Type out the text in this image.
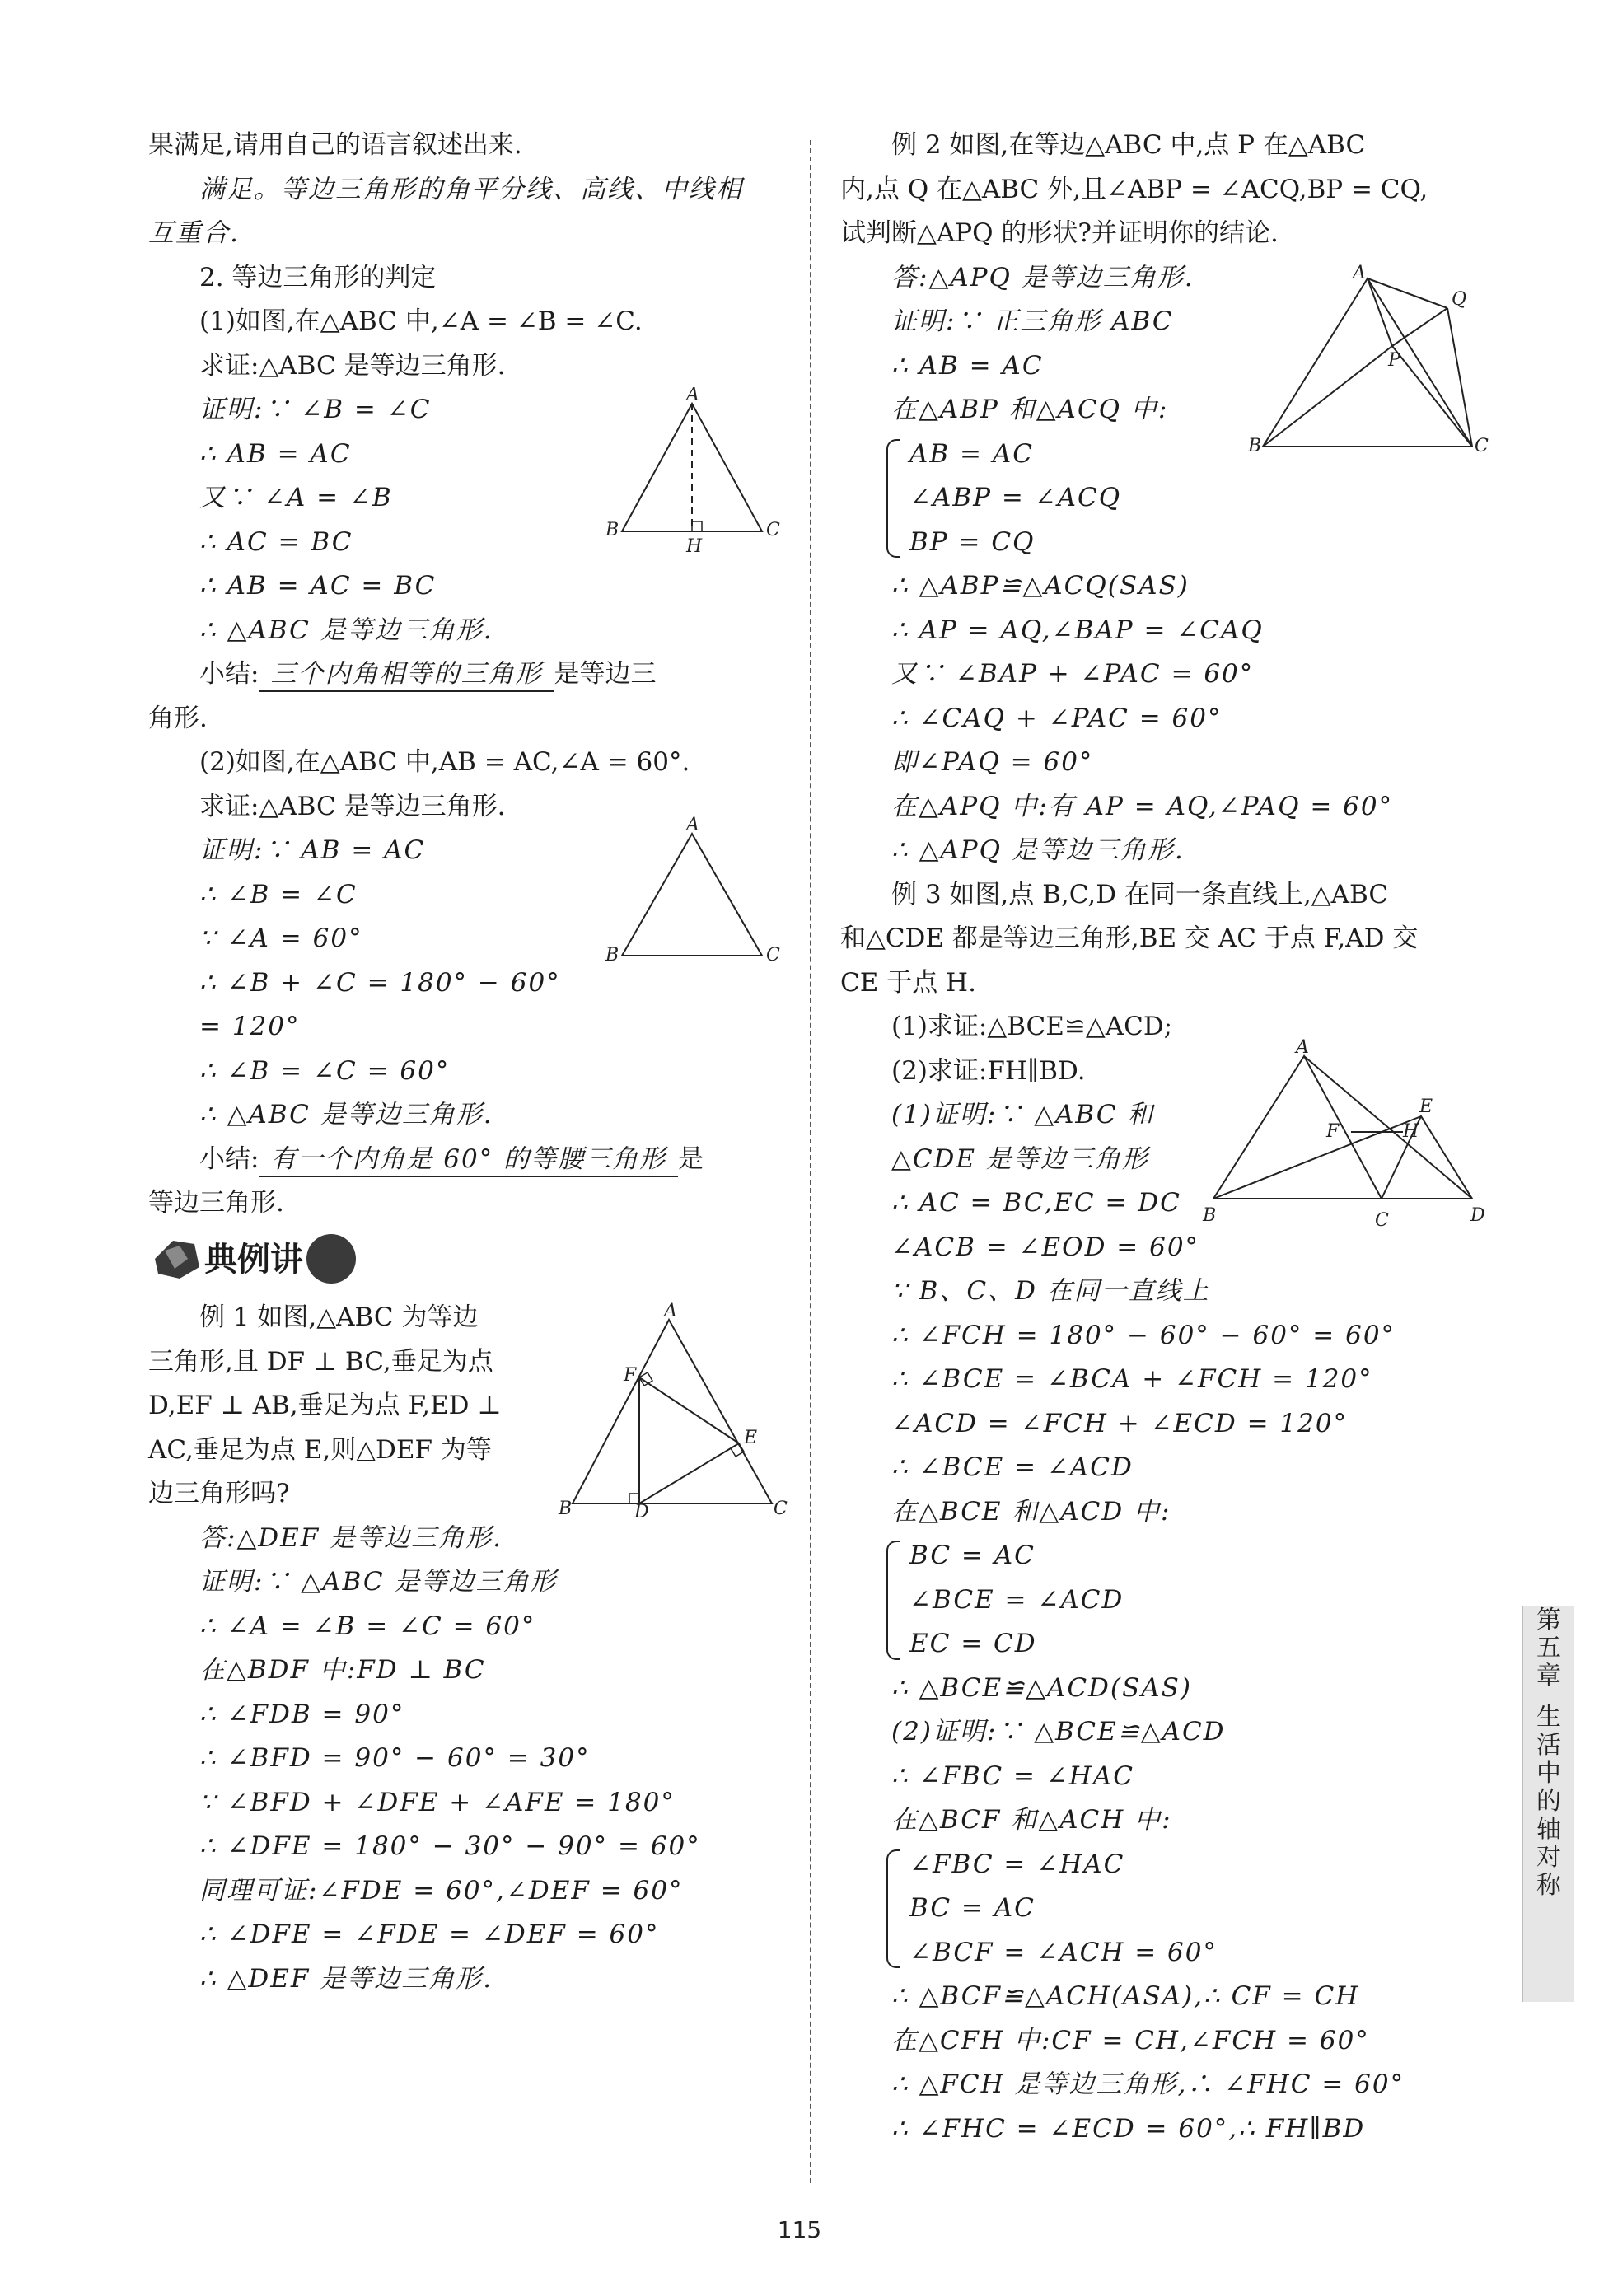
果满足,请用自己的语言叙述出来.
满足。等边三角形的角平分线、高线、中线相
互重合.
2. 等边三角形的判定
(1)如图,在△ABC 中,∠A = ∠B = ∠C.
求证:△ABC 是等边三角形.
证明:∵ ∠B = ∠C
∴ AB = AC
又∵ ∠A = ∠B
∴ AC = BC
∴ AB = AC = BC
∴ △ABC 是等边三角形.
小结: 三个内角相等的三角形 是等边三
角形.
(2)如图,在△ABC 中,AB = AC,∠A = 60°.
求证:△ABC 是等边三角形.
证明:∵ AB = AC
∴ ∠B = ∠C
∵ ∠A = 60°
∴ ∠B + ∠C = 180° − 60°
= 120°
∴ ∠B = ∠C = 60°
∴ △ABC 是等边三角形.
小结: 有一个内角是 60° 的等腰三角形 是
等边三角形.
典例讲
例 1 如图,△ABC 为等边
三角形,且 DF ⊥ BC,垂足为点
D,EF ⊥ AB,垂足为点 F,ED ⊥
AC,垂足为点 E,则△DEF 为等
边三角形吗?
答:△DEF 是等边三角形.
证明:∵ △ABC 是等边三角形
∴ ∠A = ∠B = ∠C = 60°
在△BDF 中:FD ⊥ BC
∴ ∠FDB = 90°
∴ ∠BFD = 90° − 60° = 30°
∵ ∠BFD + ∠DFE + ∠AFE = 180°
∴ ∠DFE = 180° − 30° − 90° = 60°
同理可证:∠FDE = 60°,∠DEF = 60°
∴ ∠DFE = ∠FDE = ∠DEF = 60°
∴ △DEF 是等边三角形.
例 2 如图,在等边△ABC 中,点 P 在△ABC
内,点 Q 在△ABC 外,且∠ABP = ∠ACQ,BP = CQ,
试判断△APQ 的形状?并证明你的结论.
答:△APQ 是等边三角形.
证明:∵ 正三角形 ABC
∴ AB = AC
在△ABP 和△ACQ 中:
AB = AC
∠ABP = ∠ACQ
BP = CQ
∴ △ABP≌△ACQ(SAS)
∴ AP = AQ,∠BAP = ∠CAQ
又∵ ∠BAP + ∠PAC = 60°
∴ ∠CAQ + ∠PAC = 60°
即∠PAQ = 60°
在△APQ 中:有 AP = AQ,∠PAQ = 60°
∴ △APQ 是等边三角形.
例 3 如图,点 B,C,D 在同一条直线上,△ABC
和△CDE 都是等边三角形,BE 交 AC 于点 F,AD 交
CE 于点 H.
(1)求证:△BCE≌△ACD;
(2)求证:FH∥BD.
(1)证明:∵ △ABC 和
△CDE 是等边三角形
∴ AC = BC,EC = DC
∠ACB = ∠EOD = 60°
∵ B、C、D 在同一直线上
∴ ∠FCH = 180° − 60° − 60° = 60°
∴ ∠BCE = ∠BCA + ∠FCH = 120°
∠ACD = ∠FCH + ∠ECD = 120°
∴ ∠BCE = ∠ACD
在△BCE 和△ACD 中:
BC = AC
∠BCE = ∠ACD
EC = CD
∴ △BCE≌△ACD(SAS)
(2)证明:∵ △BCE≌△ACD
∴ ∠FBC = ∠HAC
在△BCF 和△ACH 中:
∠FBC = ∠HAC
BC = AC
∠BCF = ∠ACH = 60°
∴ △BCF≌△ACH(ASA),∴ CF = CH
在△CFH 中:CF = CH,∠FCH = 60°
∴ △FCH 是等边三角形,∴ ∠FHC = 60°
∴ ∠FHC = ∠ECD = 60°,∴ FH∥BD
A
B	C
H
A
B	C
A
B	C
D
E
F
A
B	C
P
Q
A
B	C	D
E
F	H
第
五
章
生
活
中
的
轴
对
称
115
